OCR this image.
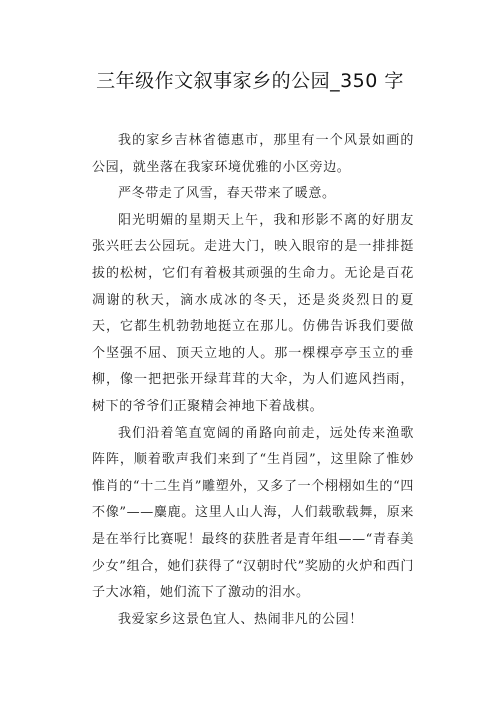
三年级作文叙事家乡的公园_350 字

我的家乡吉林省德惠市，那里有一个风景如画的公园，就坐落在我家环境优雅的小区旁边。

严冬带走了风雪，春天带来了暖意。

阳光明媚的星期天上午，我和形影不离的好朋友张兴旺去公园玩。走进大门，映入眼帘的是一排排挺拔的松树，它们有着极其顽强的生命力。无论是百花凋谢的秋天，滴水成冰的冬天，还是炎炎烈日的夏天，它都生机勃勃地挺立在那儿。仿佛告诉我们要做个坚强不屈、顶天立地的人。那一棵棵亭亭玉立的垂柳，像一把把张开绿茸茸的大伞，为人们遮风挡雨，树下的爷爷们正聚精会神地下着战棋。

我们沿着笔直宽阔的甬路向前走，远处传来渔歌阵阵，顺着歌声我们来到了“生肖园”，这里除了惟妙惟肖的“十二生肖”雕塑外，又多了一个栩栩如生的“四不像”——麋鹿。这里人山人海，人们载歌载舞，原来是在举行比赛呢！最终的获胜者是青年组——“青春美少女”组合，她们获得了“汉朝时代”奖励的火炉和西门子大冰箱，她们流下了激动的泪水。

我爱家乡这景色宜人、热闹非凡的公园！
